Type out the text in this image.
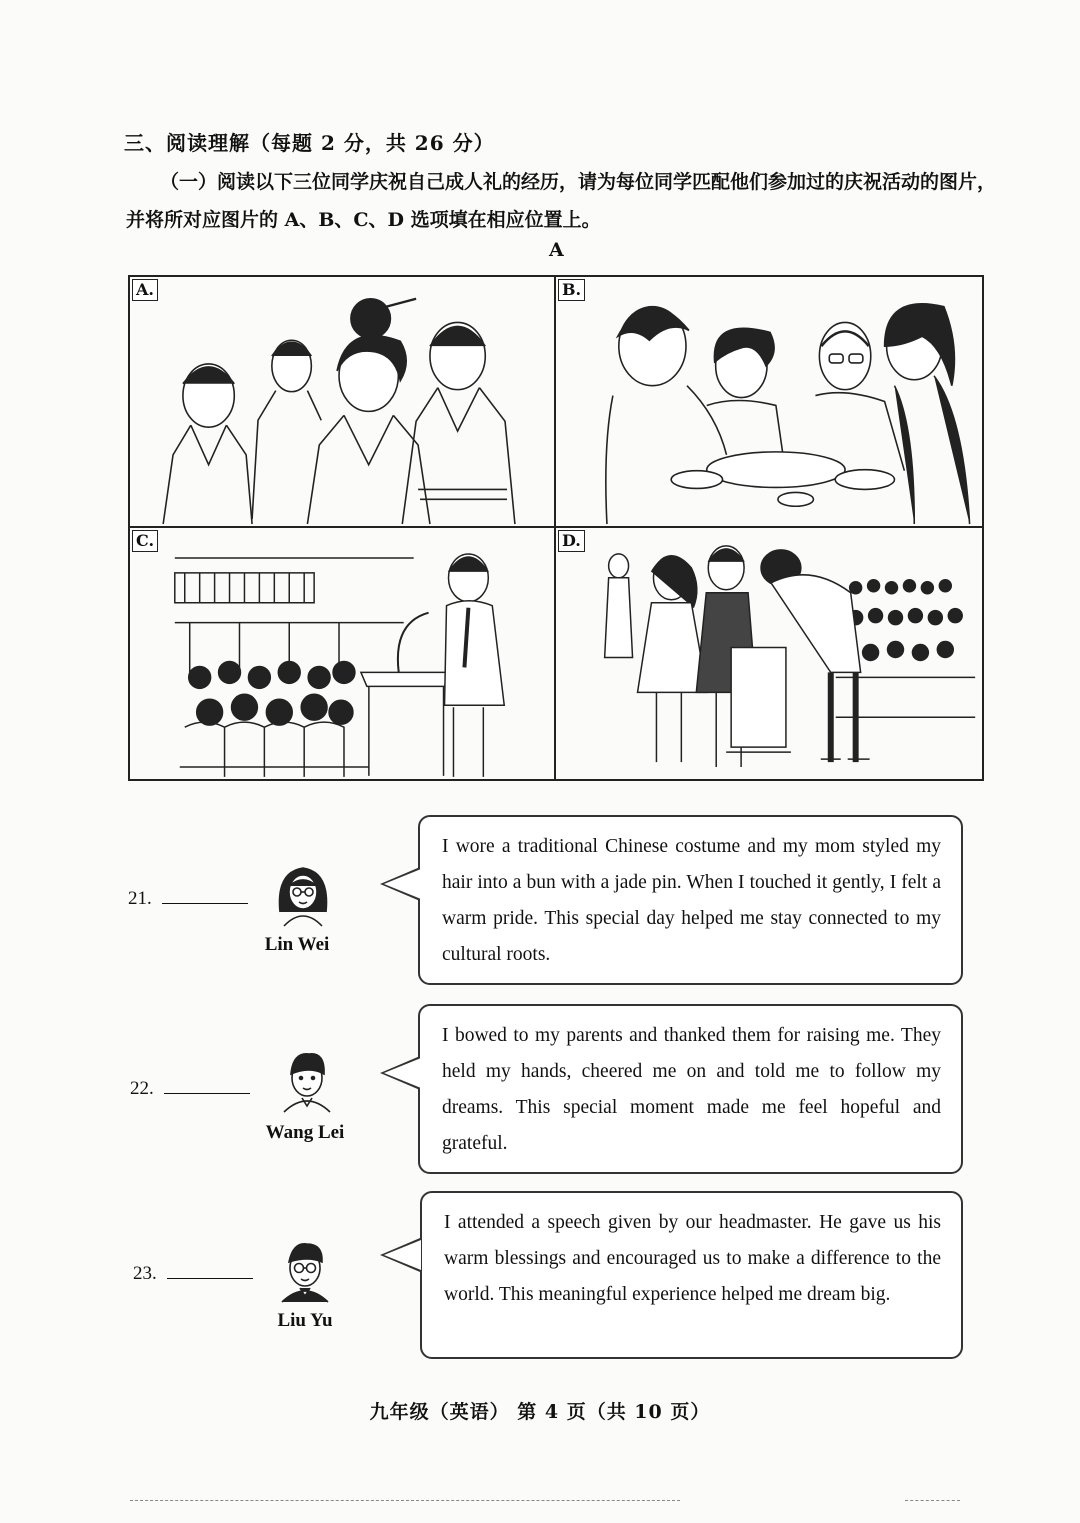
三、阅读理解（每题 2 分，共 26 分）
（一）阅读以下三位同学庆祝自己成人礼的经历，请为每位同学匹配他们参加过的庆祝活动的图片，并将所对应图片的 A、B、C、D 选项填在相应位置上。
A
A.	B.
C.	D.
21.
Lin Wei
I wore a traditional Chinese costume and my mom styled my hair into a bun with a jade pin. When I touched it gently, I felt a warm pride. This special day helped me stay connected to my cultural roots.
22.
Wang Lei
I bowed to my parents and thanked them for raising me. They held my hands, cheered me on and told me to follow my dreams. This special moment made me feel hopeful and grateful.
23.
Liu Yu
I attended a speech given by our headmaster. He gave us his warm blessings and encouraged us to make a difference to the world. This meaningful experience helped me dream big.
九年级（英语） 第 4 页（共 10 页）
